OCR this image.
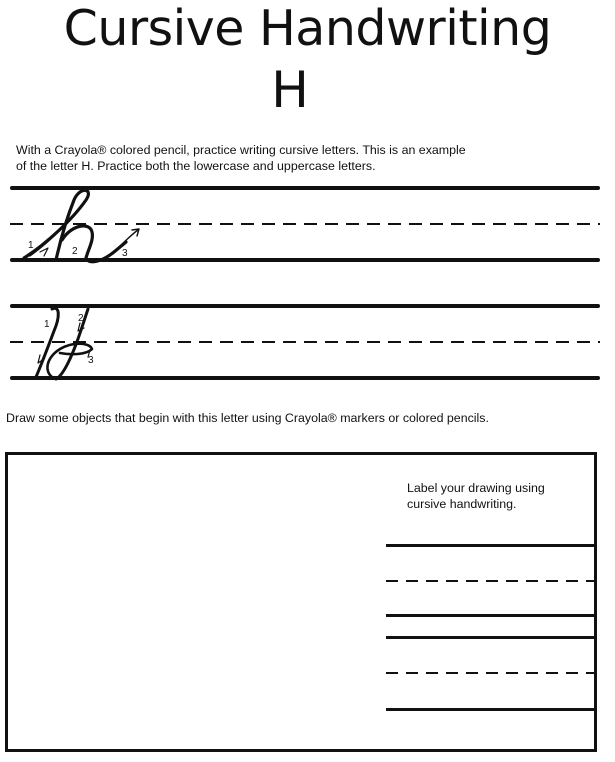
Cursive Handwriting
H
With a Crayola® colored pencil, practice writing cursive letters. This is an example
of the letter H. Practice both the lowercase and uppercase letters.
1
2	3
1
2
3
Draw some objects that begin with this letter using Crayola® markers or colored pencils.
Label your drawing using
cursive handwriting.
